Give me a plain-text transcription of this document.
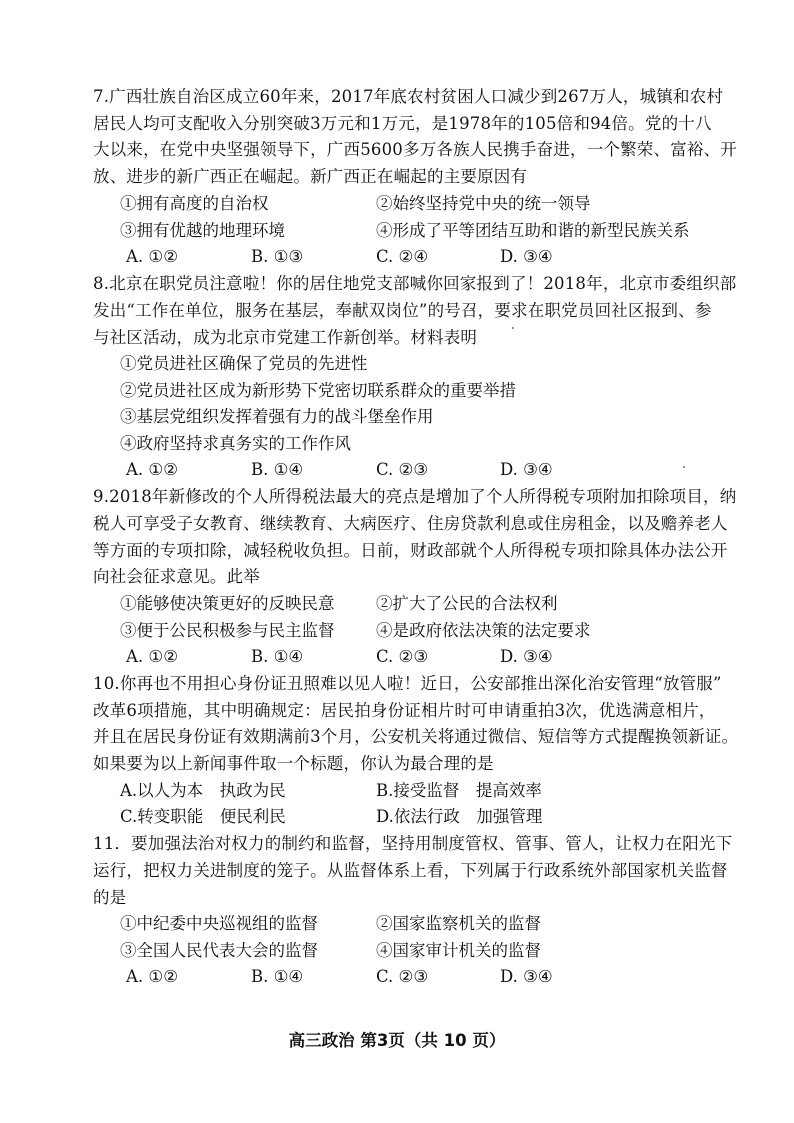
7.广西壮族自治区成立60年来，2017年底农村贫困人口减少到267万人，城镇和农村
居民人均可支配收入分别突破3万元和1万元，是1978年的105倍和94倍。党的十八
大以来，在党中央坚强领导下，广西5600多万各族人民携手奋进，一个繁荣、富裕、开
放、进步的新广西正在崛起。新广西正在崛起的主要原因有
①拥有高度的自治权	②始终坚持党中央的统一领导
③拥有优越的地理环境	④形成了平等团结互助和谐的新型民族关系
A. ①②	B. ①③	C. ②④	D. ③④
8.北京在职党员注意啦！你的居住地党支部喊你回家报到了！2018年，北京市委组织部
发出“工作在单位，服务在基层，奉献双岗位”的号召，要求在职党员回社区报到、参
与社区活动，成为北京市党建工作新创举。材料表明
①党员进社区确保了党员的先进性
②党员进社区成为新形势下党密切联系群众的重要举措
③基层党组织发挥着强有力的战斗堡垒作用
④政府坚持求真务实的工作作风
A. ①②	B. ①④	C. ②③	D. ③④
9.2018年新修改的个人所得税法最大的亮点是增加了个人所得税专项附加扣除项目，纳
税人可享受子女教育、继续教育、大病医疗、住房贷款利息或住房租金，以及赡养老人
等方面的专项扣除，减轻税收负担。日前，财政部就个人所得税专项扣除具体办法公开
向社会征求意见。此举
①能够使决策更好的反映民意	②扩大了公民的合法权利
③便于公民积极参与民主监督	④是政府依法决策的法定要求
A. ①②	B. ①④	C. ②③	D. ③④
10.你再也不用担心身份证丑照难以见人啦！近日，公安部推出深化治安管理“放管服”
改革6项措施，其中明确规定：居民拍身份证相片时可申请重拍3次，优选满意相片，
并且在居民身份证有效期满前3个月，公安机关将通过微信、短信等方式提醒换领新证。
如果要为以上新闻事件取一个标题，你认为最合理的是
A.以人为本　执政为民	B.接受监督　提高效率
C.转变职能　便民利民	D.依法行政　加强管理
11．要加强法治对权力的制约和监督，坚持用制度管权、管事、管人，让权力在阳光下
运行，把权力关进制度的笼子。从监督体系上看，下列属于行政系统外部国家机关监督
的是
①中纪委中央巡视组的监督	②国家监察机关的监督
③全国人民代表大会的监督	④国家审计机关的监督
A. ①②	B. ①④	C. ②③	D. ③④
高三政治 第3页（共 10 页）
